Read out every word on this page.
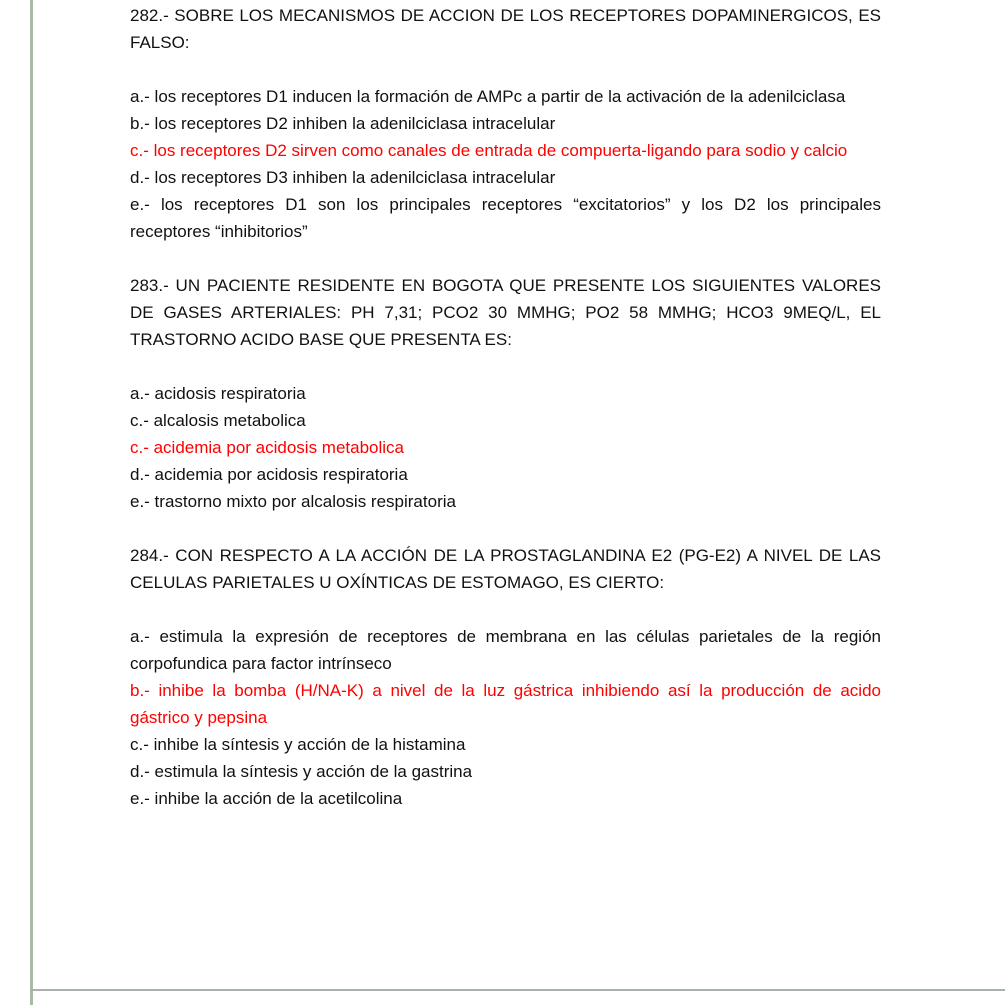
282.- SOBRE LOS MECANISMOS DE ACCION DE LOS RECEPTORES DOPAMINERGICOS, ES FALSO:

a.- los receptores D1 inducen la formación de AMPc a partir de la activación de la adenilciclasa

b.- los receptores D2 inhiben la adenilciclasa intracelular

c.- los receptores D2 sirven como canales de entrada de compuerta-ligando para sodio y calcio

d.- los receptores D3 inhiben la adenilciclasa intracelular

e.- los receptores D1 son los principales receptores “excitatorios” y los D2 los principales receptores “inhibitorios”

283.- UN PACIENTE RESIDENTE EN BOGOTA QUE PRESENTE LOS SIGUIENTES VALORES DE GASES ARTERIALES: PH 7,31; PCO2 30 MMHG; PO2 58 MMHG; HCO3 9MEQ/L, EL TRASTORNO ACIDO BASE QUE PRESENTA ES:

a.- acidosis respiratoria

c.- alcalosis metabolica

c.- acidemia por acidosis metabolica

d.- acidemia por acidosis respiratoria

e.- trastorno mixto por alcalosis respiratoria

284.- CON RESPECTO A LA ACCIÓN DE LA PROSTAGLANDINA E2 (PG-E2) A NIVEL DE LAS CELULAS PARIETALES U OXÍNTICAS DE ESTOMAGO, ES CIERTO:

a.- estimula la expresión de receptores de membrana en las células parietales de la región corpofundica para factor intrínseco

b.- inhibe la bomba (H/NA-K) a nivel de la luz gástrica inhibiendo así la producción de acido gástrico y pepsina

c.- inhibe la síntesis y acción de la histamina

d.- estimula la síntesis y acción de la gastrina

e.- inhibe la acción de la acetilcolina
